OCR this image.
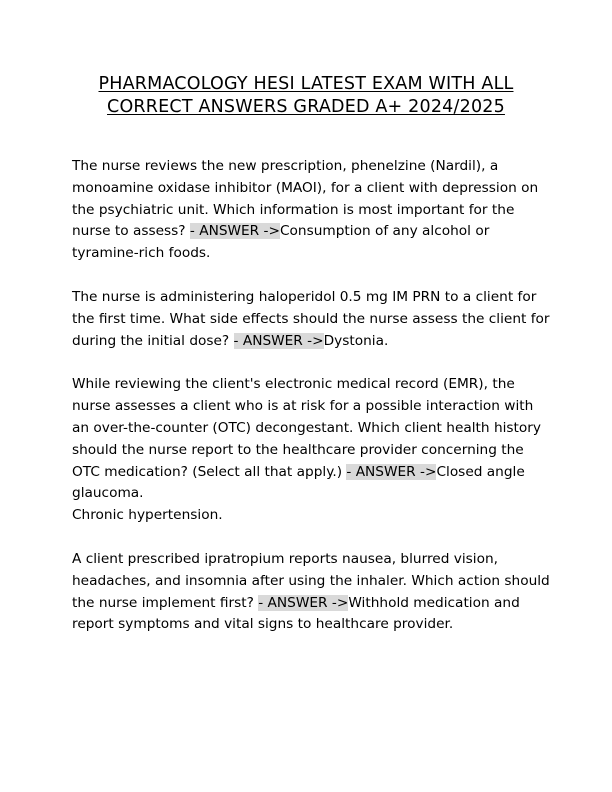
PHARMACOLOGY HESI LATEST EXAM WITH ALL
CORRECT ANSWERS GRADED A+ 2024/2025

The nurse reviews the new prescription, phenelzine (Nardil), a monoamine oxidase inhibitor (MAOI), for a client with depression on the psychiatric unit. Which information is most important for the nurse to assess? - ANSWER ->Consumption of any alcohol or tyramine-rich foods.

The nurse is administering haloperidol 0.5 mg IM PRN to a client for the first time. What side effects should the nurse assess the client for during the initial dose? - ANSWER ->Dystonia.

While reviewing the client's electronic medical record (EMR), the nurse assesses a client who is at risk for a possible interaction with an over-the-counter (OTC) decongestant. Which client health history should the nurse report to the healthcare provider concerning the OTC medication? (Select all that apply.) - ANSWER ->Closed angle glaucoma.
Chronic hypertension.

A client prescribed ipratropium reports nausea, blurred vision, headaches, and insomnia after using the inhaler. Which action should the nurse implement first? - ANSWER ->Withhold medication and report symptoms and vital signs to healthcare provider.
